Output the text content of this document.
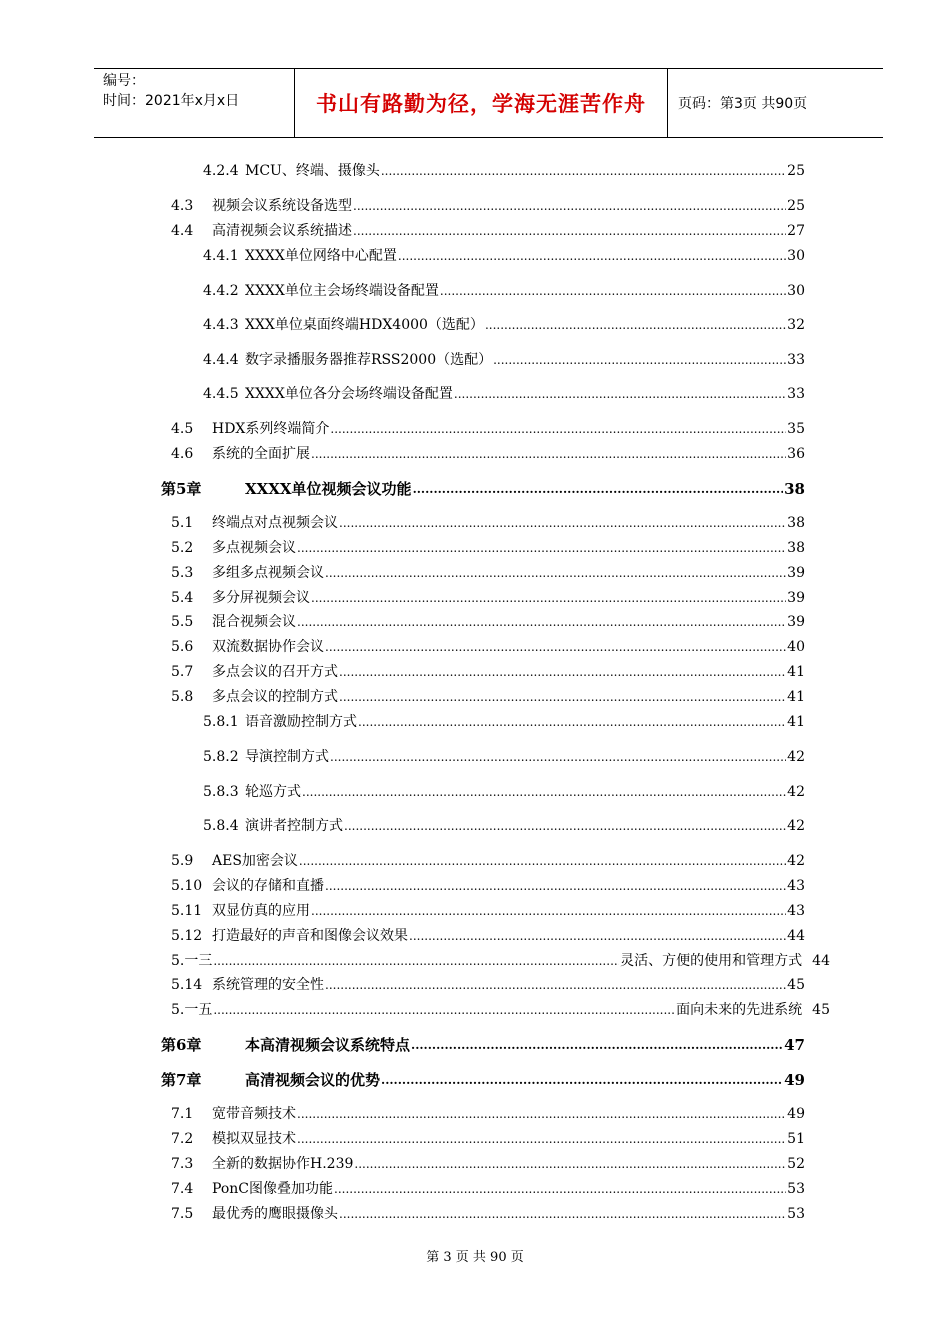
编号：
时间：2021年x月x日	书山有路勤为径，学海无涯苦作舟	页码：第3页 共90页
4.2.4 MCU、终端、摄像头 .....	25
4.3	视频会议系统设备选型 .....	25
4.4	高清视频会议系统描述 .....	27
4.4.1 XXXX单位网络中心配置 .....	30
4.4.2 XXXX单位主会场终端设备配置 .....	30
4.4.3 XXX单位桌面终端HDX4000（选配） .....	32
4.4.4 数字录播服务器推荐RSS2000（选配） .....	33
4.4.5 XXXX单位各分会场终端设备配置 .....	33
4.5	HDX系列终端简介 .....	35
4.6	系统的全面扩展 .....	36
第5章	XXXX单位视频会议功能 .....	38
5.1	终端点对点视频会议 .....	38
5.2	多点视频会议 .....	38
5.3	多组多点视频会议 .....	39
5.4	多分屏视频会议 .....	39
5.5	混合视频会议 .....	39
5.6	双流数据协作会议 .....	40
5.7	多点会议的召开方式 .....	41
5.8	多点会议的控制方式 .....	41
5.8.1 语音激励控制方式 .....	41
5.8.2 导演控制方式 .....	42
5.8.3 轮巡方式 .....	42
5.8.4 演讲者控制方式 .....	42
5.9	AES加密会议 .....	42
5.10 会议的存储和直播 .....	43
5.11 双显仿真的应用 .....	43
5.12 打造最好的声音和图像会议效果 .....	44
5.一三 .....	灵活、方便的使用和管理方式 44
5.14 系统管理的安全性 .....	45
5.一五 .....	面向未来的先进系统 45
第6章	本高清视频会议系统特点 .....	47
第7章	高清视频会议的优势 .....	49
7.1	宽带音频技术 .....	49
7.2	模拟双显技术 .....	51
7.3	全新的数据协作H.239 .....	52
7.4	PonC图像叠加功能 .....	53
7.5	最优秀的鹰眼摄像头 .....	53
第 3 页 共 90 页
